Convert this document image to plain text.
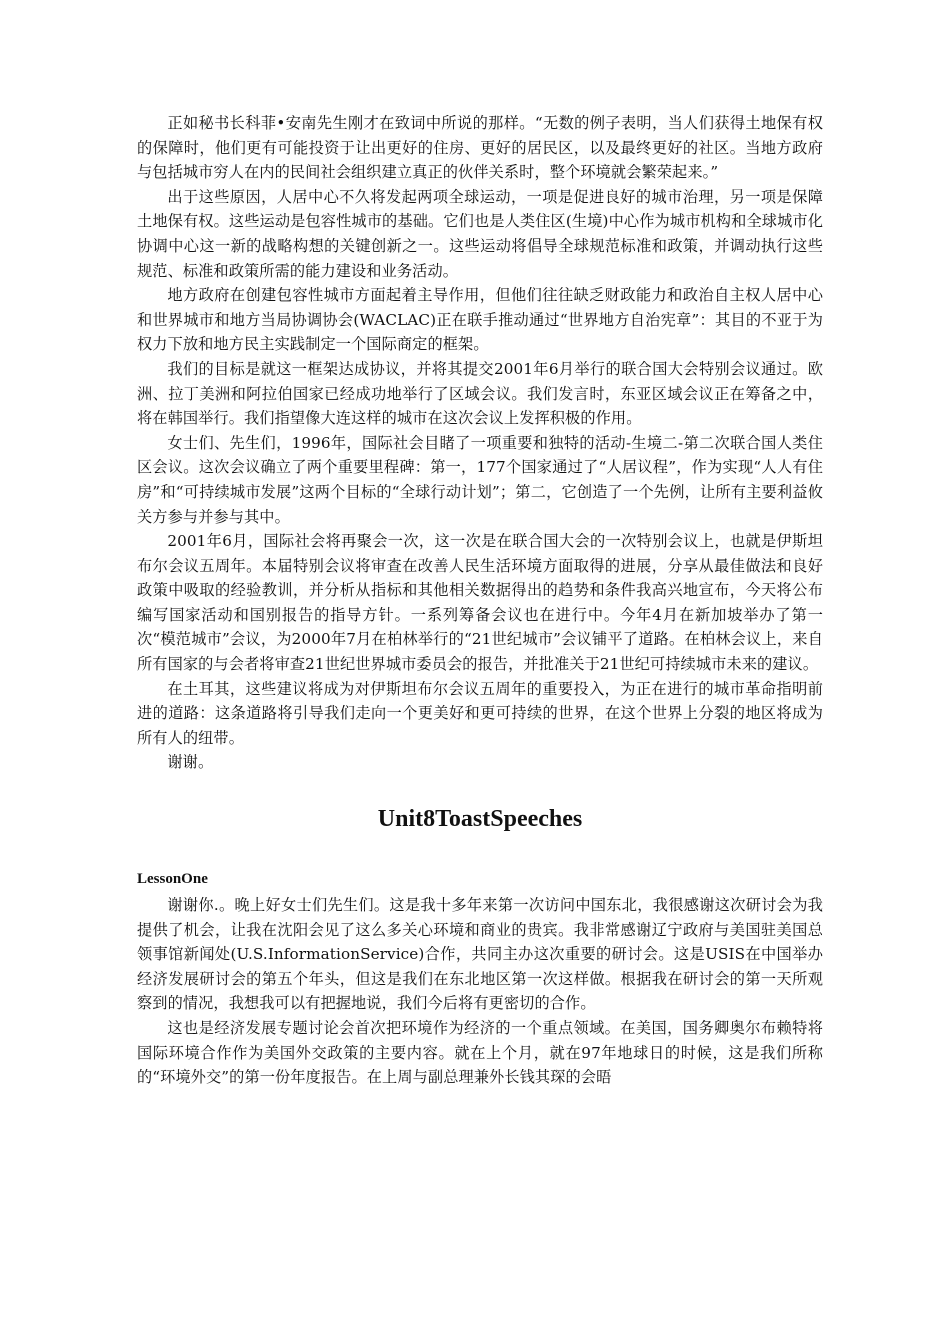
正如秘书长科菲•安南先生刚才在致词中所说的那样。“无数的例子表明，当人们获得土地保有权的保障时，他们更有可能投资于让出更好的住房、更好的居民区，以及最终更好的社区。当地方政府与包括城市穷人在内的民间社会组织建立真正的伙伴关系时，整个环境就会繁荣起来。”

出于这些原因，人居中心不久将发起两项全球运动，一项是促进良好的城市治理，另一项是保障土地保有权。这些运动是包容性城市的基础。它们也是人类住区(生境)中心作为城市机构和全球城市化协调中心这一新的战略构想的关键创新之一。这些运动将倡导全球规范标准和政策，并调动执行这些规范、标准和政策所需的能力建设和业务活动。

地方政府在创建包容性城市方面起着主导作用，但他们往往缺乏财政能力和政治自主权人居中心和世界城市和地方当局协调协会(WACLAC)正在联手推动通过“世界地方自治宪章”：其目的不亚于为权力下放和地方民主实践制定一个国际商定的框架。

我们的目标是就这一框架达成协议，并将其提交2001年6月举行的联合国大会特别会议通过。欧洲、拉丁美洲和阿拉伯国家已经成功地举行了区域会议。我们发言时，东亚区域会议正在筹备之中，将在韩国举行。我们指望像大连这样的城市在这次会议上发挥积极的作用。

女士们、先生们，1996年，国际社会目睹了一项重要和独特的活动-生境二-第二次联合国人类住区会议。这次会议确立了两个重要里程碑：第一，177个国家通过了“人居议程”，作为实现“人人有住房”和“可持续城市发展”这两个目标的“全球行动计划”；第二，它创造了一个先例，让所有主要利益攸关方参与并参与其中。

2001年6月，国际社会将再聚会一次，这一次是在联合国大会的一次特别会议上，也就是伊斯坦布尔会议五周年。本届特别会议将审查在改善人民生活环境方面取得的进展，分享从最佳做法和良好政策中吸取的经验教训，并分析从指标和其他相关数据得出的趋势和条件我高兴地宣布，今天将公布编写国家活动和国别报告的指导方针。一系列筹备会议也在进行中。今年4月在新加坡举办了第一次“模范城市”会议，为2000年7月在柏林举行的“21世纪城市”会议铺平了道路。在柏林会议上，来自所有国家的与会者将审查21世纪世界城市委员会的报告，并批准关于21世纪可持续城市未来的建议。

在土耳其，这些建议将成为对伊斯坦布尔会议五周年的重要投入，为正在进行的城市革命指明前进的道路：这条道路将引导我们走向一个更美好和更可持续的世界，在这个世界上分裂的地区将成为所有人的纽带。

谢谢。

Unit8ToastSpeeches
LessonOne

谢谢你.。晚上好女士们先生们。这是我十多年来第一次访问中国东北，我很感谢这次研讨会为我提供了机会，让我在沈阳会见了这么多关心环境和商业的贵宾。我非常感谢辽宁政府与美国驻美国总领事馆新闻处(U.S.InformationService)合作，共同主办这次重要的研讨会。这是USIS在中国举办经济发展研讨会的第五个年头，但这是我们在东北地区第一次这样做。根据我在研讨会的第一天所观察到的情况，我想我可以有把握地说，我们今后将有更密切的合作。

这也是经济发展专题讨论会首次把环境作为经济的一个重点领域。在美国，国务卿奥尔布赖特将国际环境合作作为美国外交政策的主要内容。就在上个月，就在97年地球日的时候，这是我们所称的“环境外交”的第一份年度报告。在上周与副总理兼外长钱其琛的会晤
